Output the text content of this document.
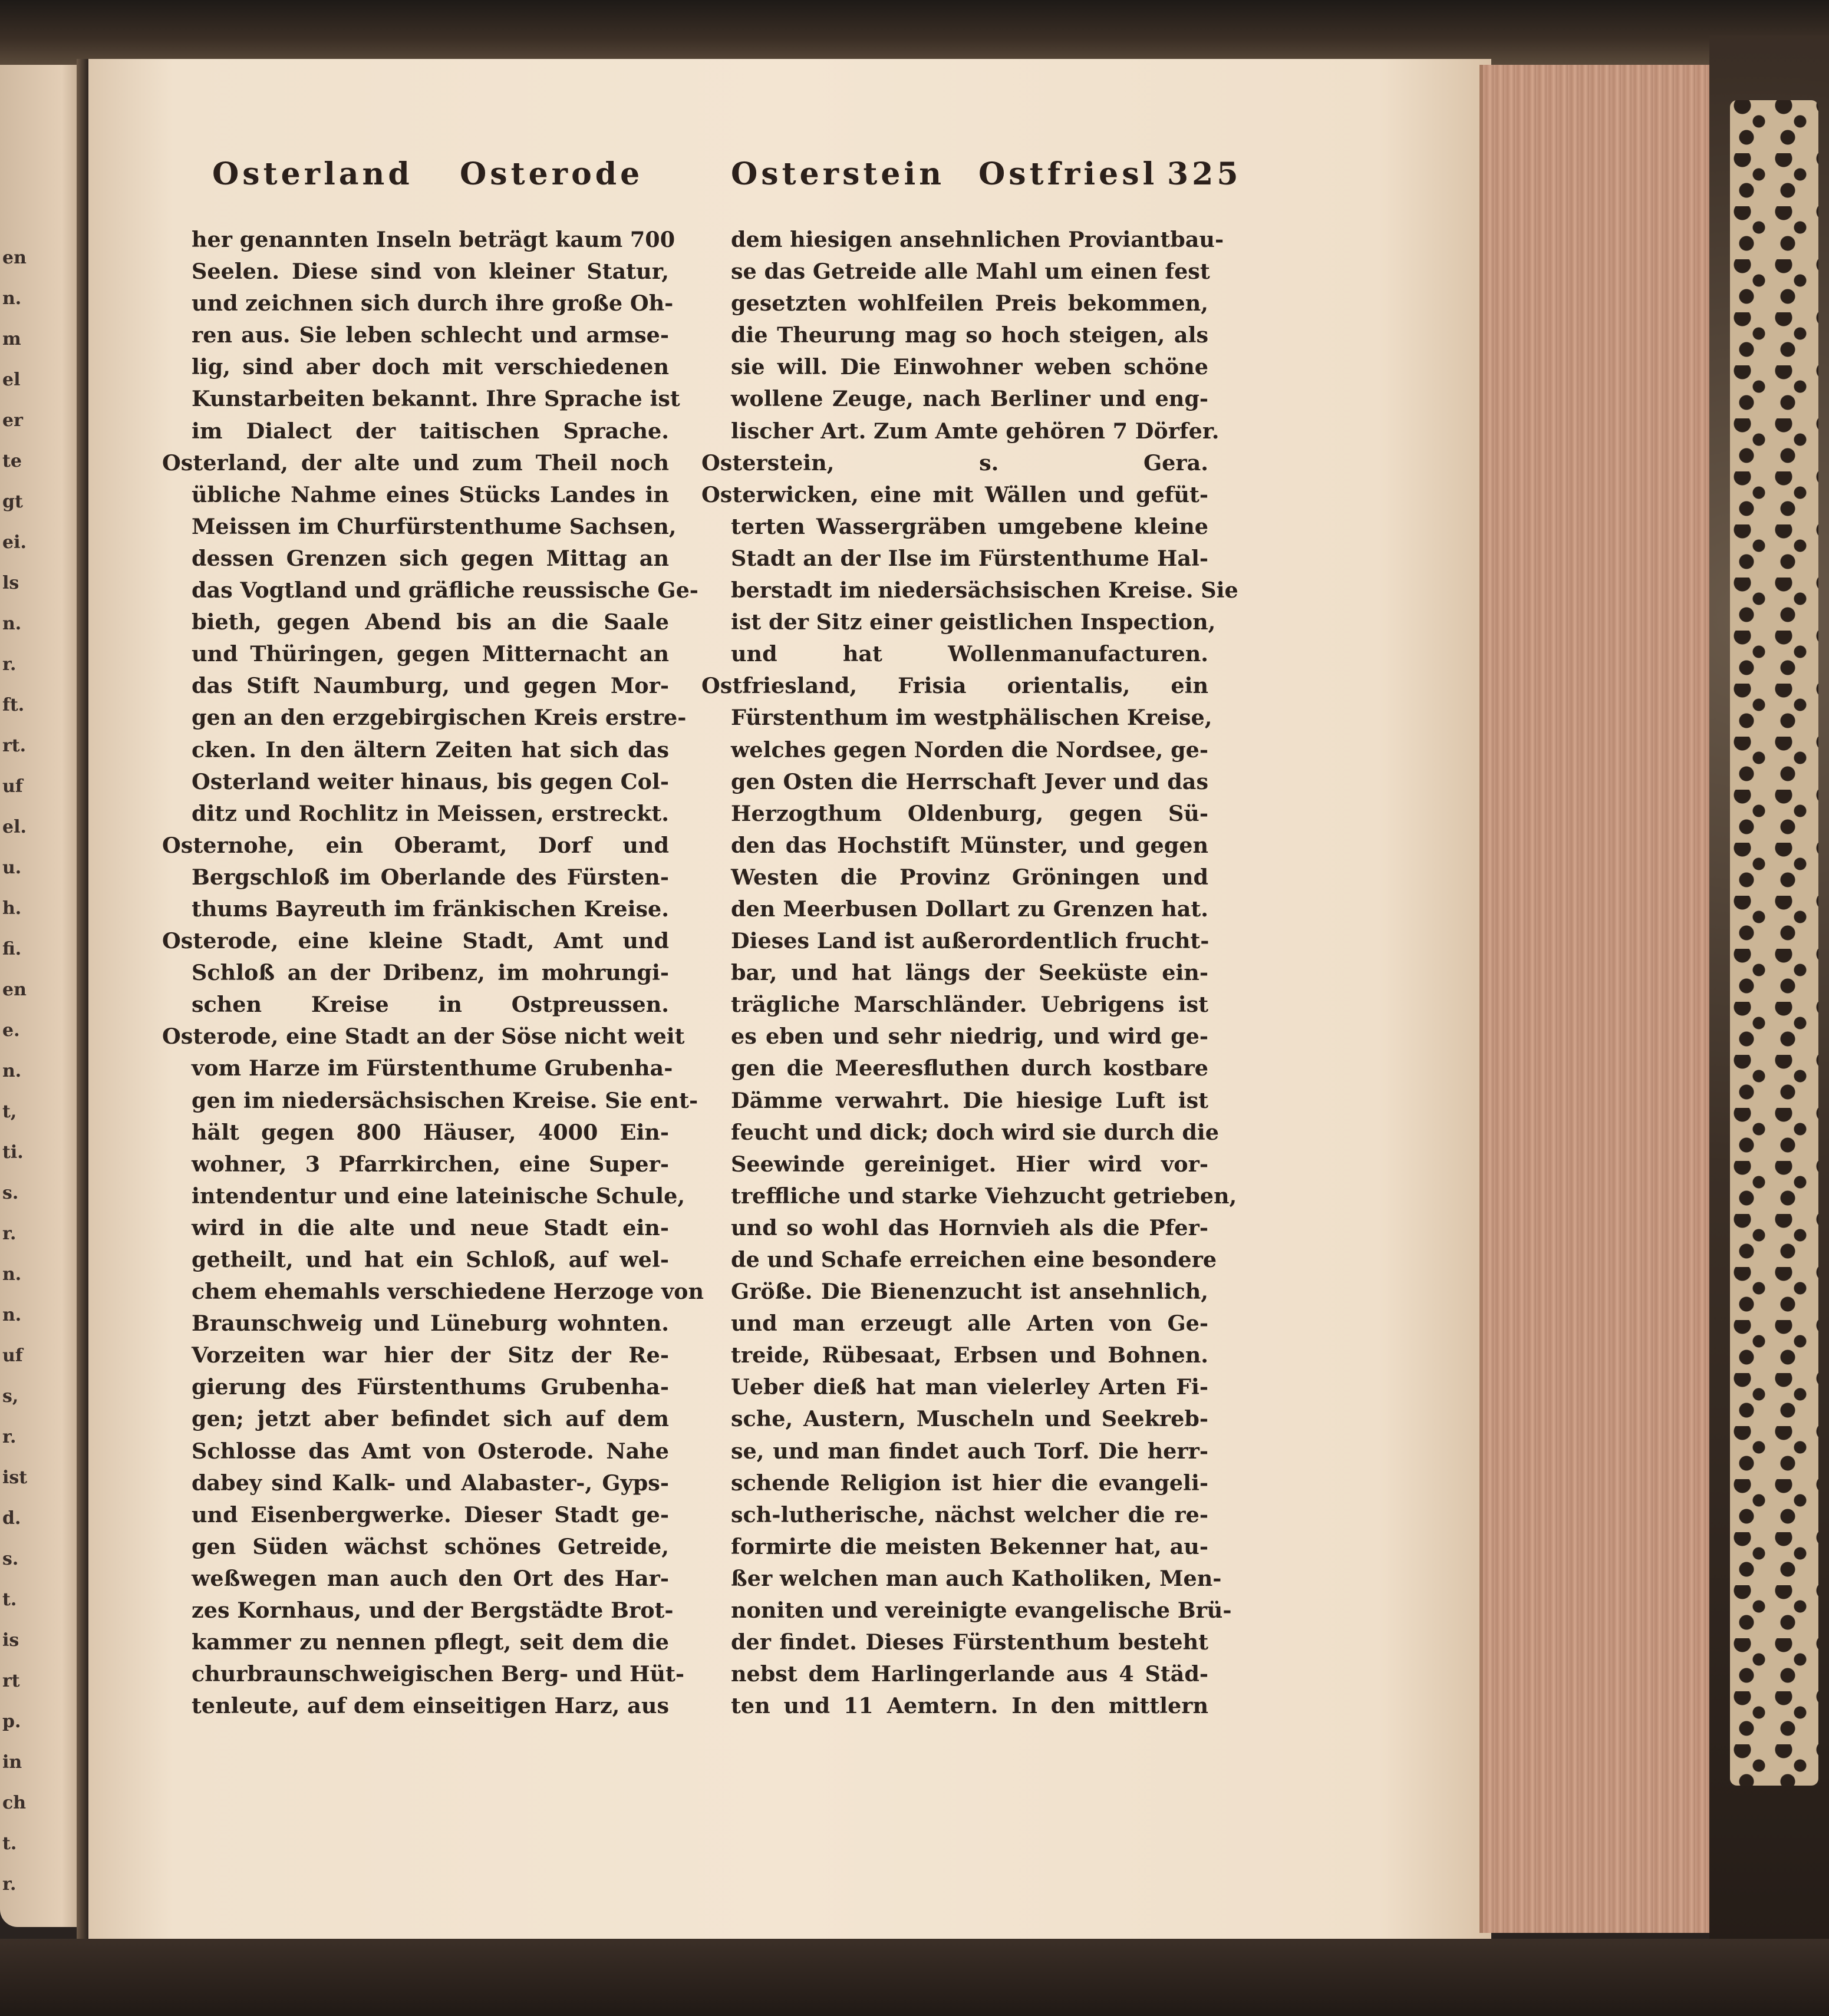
en
n.
m
el
er
te
gt
ei.
ls
n.
r.
ft.
rt.
uf
el.
u.
h.
fi.
en
e.
n.
t,
ti.
s.
r.
n.
n.
uf
s,
r.
ist
d.
s.
t.
is
rt
p.
in
ch
t.
r.
Osterland Osterode	Osterstein Ostfriesl 325
her genannten Inseln beträgt kaum 700
Seelen. Diese sind von kleiner Statur,
und zeichnen sich durch ihre große Oh-
ren aus. Sie leben schlecht und armse-
lig, sind aber doch mit verschiedenen
Kunstarbeiten bekannt. Ihre Sprache ist
im Dialect der taitischen Sprache.
Osterland, der alte und zum Theil noch
übliche Nahme eines Stücks Landes in
Meissen im Churfürstenthume Sachsen,
dessen Grenzen sich gegen Mittag an
das Vogtland und gräfliche reussische Ge-
bieth, gegen Abend bis an die Saale
und Thüringen, gegen Mitternacht an
das Stift Naumburg, und gegen Mor-
gen an den erzgebirgischen Kreis erstre-
cken. In den ältern Zeiten hat sich das
Osterland weiter hinaus, bis gegen Col-
ditz und Rochlitz in Meissen, erstreckt.
Osternohe, ein Oberamt, Dorf und
Bergschloß im Oberlande des Fürsten-
thums Bayreuth im fränkischen Kreise.
Osterode, eine kleine Stadt, Amt und
Schloß an der Dribenz, im mohrungi-
schen Kreise in Ostpreussen.
Osterode, eine Stadt an der Söse nicht weit
vom Harze im Fürstenthume Grubenha-
gen im niedersächsischen Kreise. Sie ent-
hält gegen 800 Häuser, 4000 Ein-
wohner, 3 Pfarrkirchen, eine Super-
intendentur und eine lateinische Schule,
wird in die alte und neue Stadt ein-
getheilt, und hat ein Schloß, auf wel-
chem ehemahls verschiedene Herzoge von
Braunschweig und Lüneburg wohnten.
Vorzeiten war hier der Sitz der Re-
gierung des Fürstenthums Grubenha-
gen; jetzt aber befindet sich auf dem
Schlosse das Amt von Osterode. Nahe
dabey sind Kalk- und Alabaster-, Gyps-
und Eisenbergwerke. Dieser Stadt ge-
gen Süden wächst schönes Getreide,
weßwegen man auch den Ort des Har-
zes Kornhaus, und der Bergstädte Brot-
kammer zu nennen pflegt, seit dem die
churbraunschweigischen Berg- und Hüt-
tenleute, auf dem einseitigen Harz, aus
dem hiesigen ansehnlichen Proviantbau-
se das Getreide alle Mahl um einen fest
gesetzten wohlfeilen Preis bekommen,
die Theurung mag so hoch steigen, als
sie will. Die Einwohner weben schöne
wollene Zeuge, nach Berliner und eng-
lischer Art. Zum Amte gehören 7 Dörfer.
Osterstein, s. Gera.
Osterwicken, eine mit Wällen und gefüt-
terten Wassergräben umgebene kleine
Stadt an der Ilse im Fürstenthume Hal-
berstadt im niedersächsischen Kreise. Sie
ist der Sitz einer geistlichen Inspection,
und hat Wollenmanufacturen.
Ostfriesland, Frisia orientalis, ein
Fürstenthum im westphälischen Kreise,
welches gegen Norden die Nordsee, ge-
gen Osten die Herrschaft Jever und das
Herzogthum Oldenburg, gegen Sü-
den das Hochstift Münster, und gegen
Westen die Provinz Gröningen und
den Meerbusen Dollart zu Grenzen hat.
Dieses Land ist außerordentlich frucht-
bar, und hat längs der Seeküste ein-
trägliche Marschländer. Uebrigens ist
es eben und sehr niedrig, und wird ge-
gen die Meeresfluthen durch kostbare
Dämme verwahrt. Die hiesige Luft ist
feucht und dick; doch wird sie durch die
Seewinde gereiniget. Hier wird vor-
treffliche und starke Viehzucht getrieben,
und so wohl das Hornvieh als die Pfer-
de und Schafe erreichen eine besondere
Größe. Die Bienenzucht ist ansehnlich,
und man erzeugt alle Arten von Ge-
treide, Rübesaat, Erbsen und Bohnen.
Ueber dieß hat man vielerley Arten Fi-
sche, Austern, Muscheln und Seekreb-
se, und man findet auch Torf. Die herr-
schende Religion ist hier die evangeli-
sch-lutherische, nächst welcher die re-
formirte die meisten Bekenner hat, au-
ßer welchen man auch Katholiken, Men-
noniten und vereinigte evangelische Brü-
der findet. Dieses Fürstenthum besteht
nebst dem Harlingerlande aus 4 Städ-
ten und 11 Aemtern. In den mittlern
